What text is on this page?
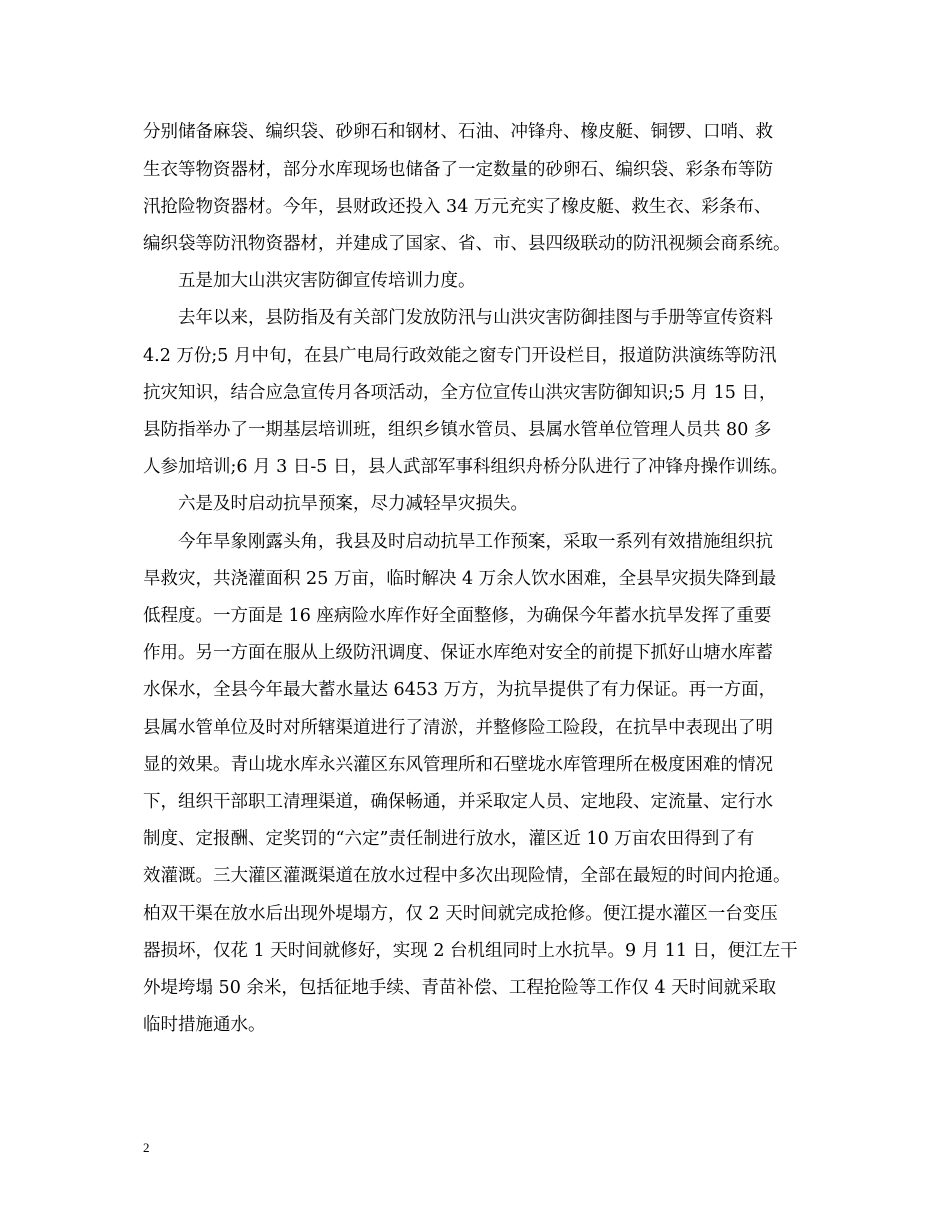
分别储备麻袋、编织袋、砂卵石和钢材、石油、冲锋舟、橡皮艇、铜锣、口哨、救

生衣等物资器材，部分水库现场也储备了一定数量的砂卵石、编织袋、彩条布等防

汛抢险物资器材。今年，县财政还投入 34 万元充实了橡皮艇、救生衣、彩条布、

编织袋等防汛物资器材，并建成了国家、省、市、县四级联动的防汛视频会商系统。

五是加大山洪灾害防御宣传培训力度。

去年以来，县防指及有关部门发放防汛与山洪灾害防御挂图与手册等宣传资料

4.2 万份;5 月中旬，在县广电局行政效能之窗专门开设栏目，报道防洪演练等防汛

抗灾知识，结合应急宣传月各项活动，全方位宣传山洪灾害防御知识;5 月 15 日，

县防指举办了一期基层培训班，组织乡镇水管员、县属水管单位管理人员共 80 多

人参加培训;6 月 3 日-5 日，县人武部军事科组织舟桥分队进行了冲锋舟操作训练。

六是及时启动抗旱预案，尽力减轻旱灾损失。

今年旱象刚露头角，我县及时启动抗旱工作预案，采取一系列有效措施组织抗

旱救灾，共浇灌面积 25 万亩，临时解决 4 万余人饮水困难，全县旱灾损失降到最

低程度。一方面是 16 座病险水库作好全面整修，为确保今年蓄水抗旱发挥了重要

作用。另一方面在服从上级防汛调度、保证水库绝对安全的前提下抓好山塘水库蓄

水保水，全县今年最大蓄水量达 6453 万方，为抗旱提供了有力保证。再一方面，

县属水管单位及时对所辖渠道进行了清淤，并整修险工险段，在抗旱中表现出了明

显的效果。青山垅水库永兴灌区东风管理所和石壁垅水库管理所在极度困难的情况

下，组织干部职工清理渠道，确保畅通，并采取定人员、定地段、定流量、定行水

制度、定报酬、定奖罚的“六定”责任制进行放水，灌区近 10 万亩农田得到了有

效灌溉。三大灌区灌溉渠道在放水过程中多次出现险情，全部在最短的时间内抢通。

柏双干渠在放水后出现外堤塌方，仅 2 天时间就完成抢修。便江提水灌区一台变压

器损坏，仅花 1 天时间就修好，实现 2 台机组同时上水抗旱。9 月 11 日，便江左干

外堤垮塌 50 余米，包括征地手续、青苗补偿、工程抢险等工作仅 4 天时间就采取

临时措施通水。

2
